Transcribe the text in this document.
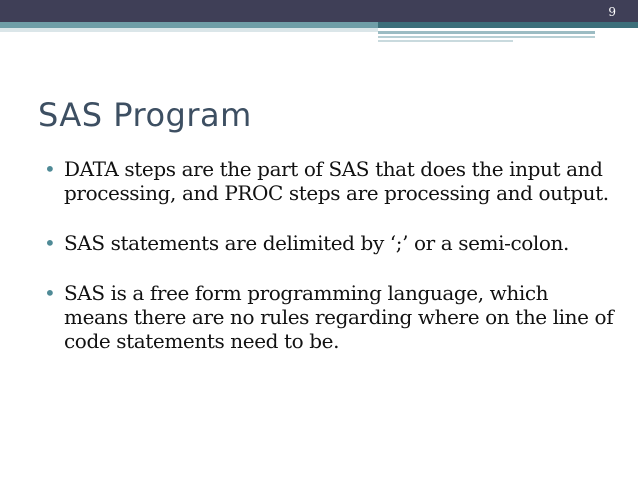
9
SAS Program
• DATA steps are the part of SAS that does the input and processing, and PROC steps are processing and output.
• SAS statements are delimited by ‘;’ or a semi-colon.
• SAS is a free form programming language, which means there are no rules regarding where on the line of code statements need to be.
